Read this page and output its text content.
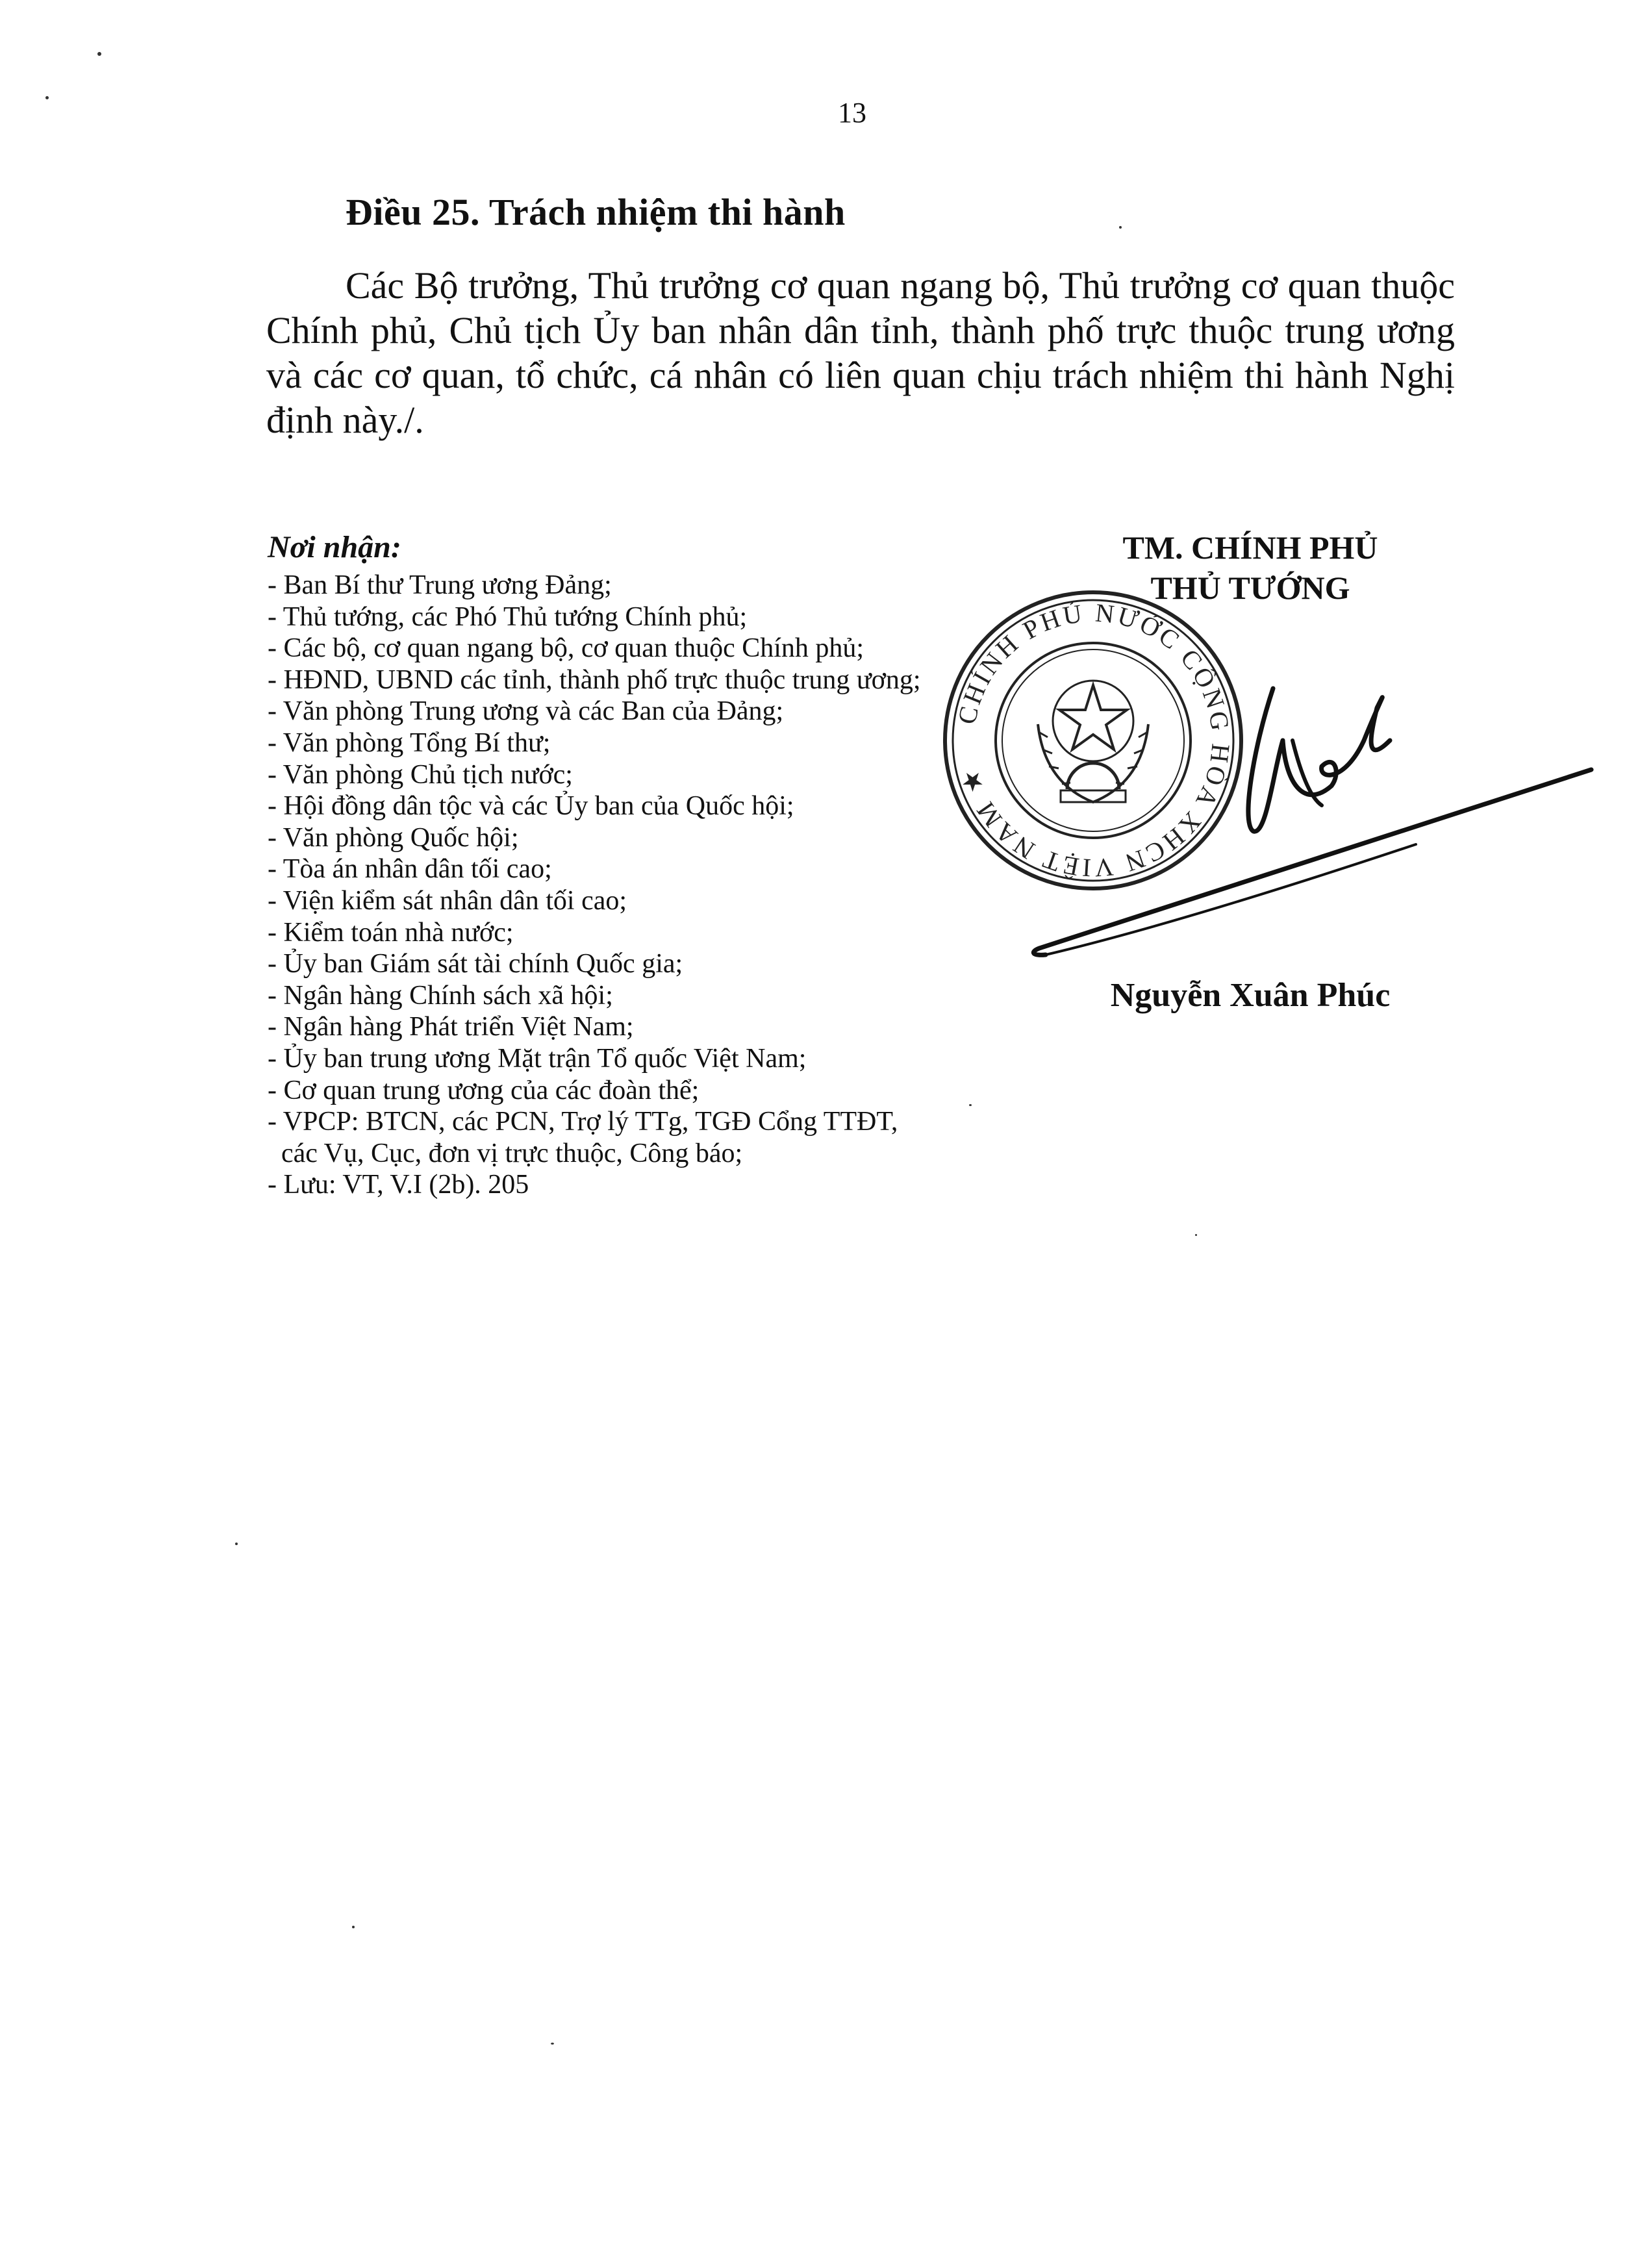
13
Điều 25. Trách nhiệm thi hành
Các Bộ trưởng, Thủ trưởng cơ quan ngang bộ, Thủ trưởng cơ quan thuộc Chính phủ, Chủ tịch Ủy ban nhân dân tỉnh, thành phố trực thuộc trung ương và các cơ quan, tổ chức, cá nhân có liên quan chịu trách nhiệm thi hành Nghị định này./.
Nơi nhận:
- Ban Bí thư Trung ương Đảng;
- Thủ tướng, các Phó Thủ tướng Chính phủ;
- Các bộ, cơ quan ngang bộ, cơ quan thuộc Chính phủ;
- HĐND, UBND các tỉnh, thành phố trực thuộc trung ương;
- Văn phòng Trung ương và các Ban của Đảng;
- Văn phòng Tổng Bí thư;
- Văn phòng Chủ tịch nước;
- Hội đồng dân tộc và các Ủy ban của Quốc hội;
- Văn phòng Quốc hội;
- Tòa án nhân dân tối cao;
- Viện kiểm sát nhân dân tối cao;
- Kiểm toán nhà nước;
- Ủy ban Giám sát tài chính Quốc gia;
- Ngân hàng Chính sách xã hội;
- Ngân hàng Phát triển Việt Nam;
- Ủy ban trung ương Mặt trận Tổ quốc Việt Nam;
- Cơ quan trung ương của các đoàn thể;
- VPCP: BTCN, các PCN, Trợ lý TTg, TGĐ Cổng TTĐT,
các Vụ, Cục, đơn vị trực thuộc, Công báo;
- Lưu: VT, V.I (2b). 205
TM. CHÍNH PHỦ
THỦ TƯỚNG
CHÍNH PHỦ NƯỚC CỘNG HÒA XHCN VIỆT NAM ★
Nguyễn Xuân Phúc
